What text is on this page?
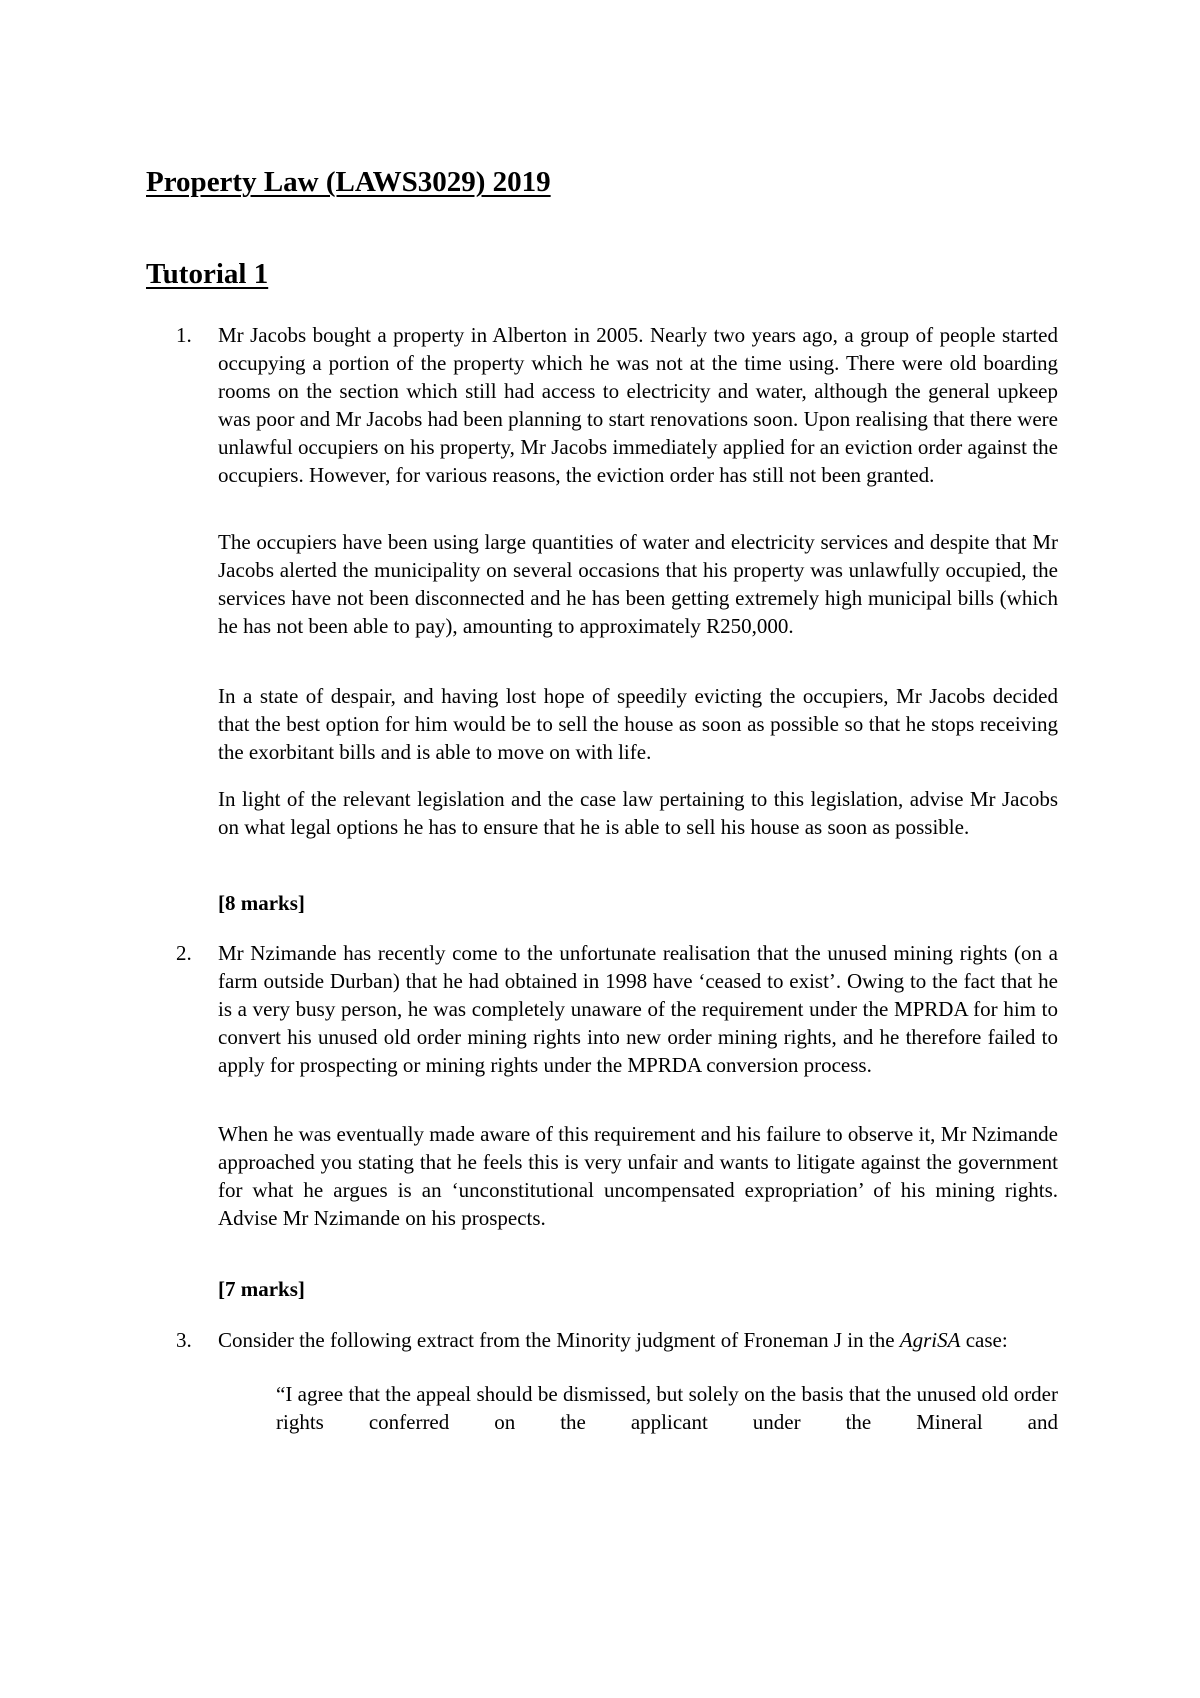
Property Law (LAWS3029) 2019
Tutorial 1
1. Mr Jacobs bought a property in Alberton in 2005. Nearly two years ago, a group of people started occupying a portion of the property which he was not at the time using. There were old boarding rooms on the section which still had access to electricity and water, although the general upkeep was poor and Mr Jacobs had been planning to start renovations soon. Upon realising that there were unlawful occupiers on his property, Mr Jacobs immediately applied for an eviction order against the occupiers. However, for various reasons, the eviction order has still not been granted.

The occupiers have been using large quantities of water and electricity services and despite that Mr Jacobs alerted the municipality on several occasions that his property was unlawfully occupied, the services have not been disconnected and he has been getting extremely high municipal bills (which he has not been able to pay), amounting to approximately R250,000.

In a state of despair, and having lost hope of speedily evicting the occupiers, Mr Jacobs decided that the best option for him would be to sell the house as soon as possible so that he stops receiving the exorbitant bills and is able to move on with life.

In light of the relevant legislation and the case law pertaining to this legislation, advise Mr Jacobs on what legal options he has to ensure that he is able to sell his house as soon as possible.

[8 marks]

2. Mr Nzimande has recently come to the unfortunate realisation that the unused mining rights (on a farm outside Durban) that he had obtained in 1998 have ‘ceased to exist’. Owing to the fact that he is a very busy person, he was completely unaware of the requirement under the MPRDA for him to convert his unused old order mining rights into new order mining rights, and he therefore failed to apply for prospecting or mining rights under the MPRDA conversion process.

When he was eventually made aware of this requirement and his failure to observe it, Mr Nzimande approached you stating that he feels this is very unfair and wants to litigate against the government for what he argues is an ‘unconstitutional uncompensated expropriation’ of his mining rights. Advise Mr Nzimande on his prospects.

[7 marks]

3. Consider the following extract from the Minority judgment of Froneman J in the AgriSA case:

“I agree that the appeal should be dismissed, but solely on the basis that the unused old order rights conferred on the applicant under the Mineral and
